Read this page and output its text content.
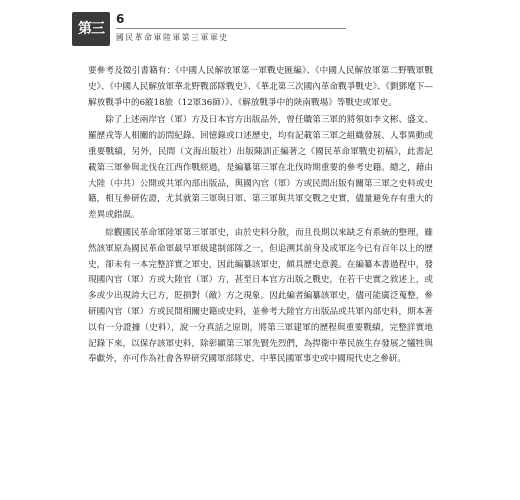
第三軍
6
國民革命軍陸軍第三軍軍史

要參考及徵引書籍有：《中國人民解放軍第一軍戰史匯編》、《中國人民解放軍第二野戰軍戰史》、《中國人民解放軍華北野戰部隊戰史》、《華北第三次國內革命戰爭戰史》、《劉鄧麾下—解放戰爭中的6縱18旅（12軍36師）》、《解放戰爭中的陝南戰場》等戰史或軍史。

除了上述兩岸官（軍）方及日本官方出版品外，曾任職第三軍的將領如李文彬、盛文、羅歷戎等人相關的訪問紀錄、回憶錄或口述歷史，均有記載第三軍之組織發展、人事異動或重要戰績，另外，民間（文海出版社）出版陳訓正編著之《國民革命軍戰史初稿》，此書記載第三軍參與北伐在江西作戰經過，是編纂第三軍在北伐時期重要的參考史籍。總之，藉由大陸（中共）公開或共軍內部出版品，與國內官（軍）方或民間出版有關第三軍之史料或史籍，相互參研佐證，尤其就第三軍與日軍、第三軍與共軍交戰之史實，儘量避免存有重大的差異或錯誤。

綜觀國民革命軍陸軍第三軍軍史，由於史料分散，而且長期以來缺乏有系統的整理，雖然該軍原為國民革命軍最早軍級建制部隊之一，但追溯其前身及成軍迄今已有百年以上的歷史，卻未有一本完整詳實之軍史，因此編纂該軍史，頗具歷史意義。在編纂本書過程中，發現國內官（軍）方或大陸官（軍）方，甚至日本官方出版之戰史，在若干史實之敘述上，或多或少出現誇大已方，貶損對（敵）方之現象。因此編者編纂該軍史，儘可能廣泛蒐整，參研國內官（軍）方或民間相關史籍或史料，並參考大陸官方出版品或共軍內部史料，期本著以有一分證據（史料），說一分真話之原則，將第三軍建軍的歷程與重要戰績，完整詳實地記錄下來，以保存該軍史料，除彰顯第三軍先賢先烈們，為捍衛中華民族生存發展之犧牲與奉獻外，亦可作為社會各界研究國軍部隊史、中華民國軍事史或中國現代史之參研。
